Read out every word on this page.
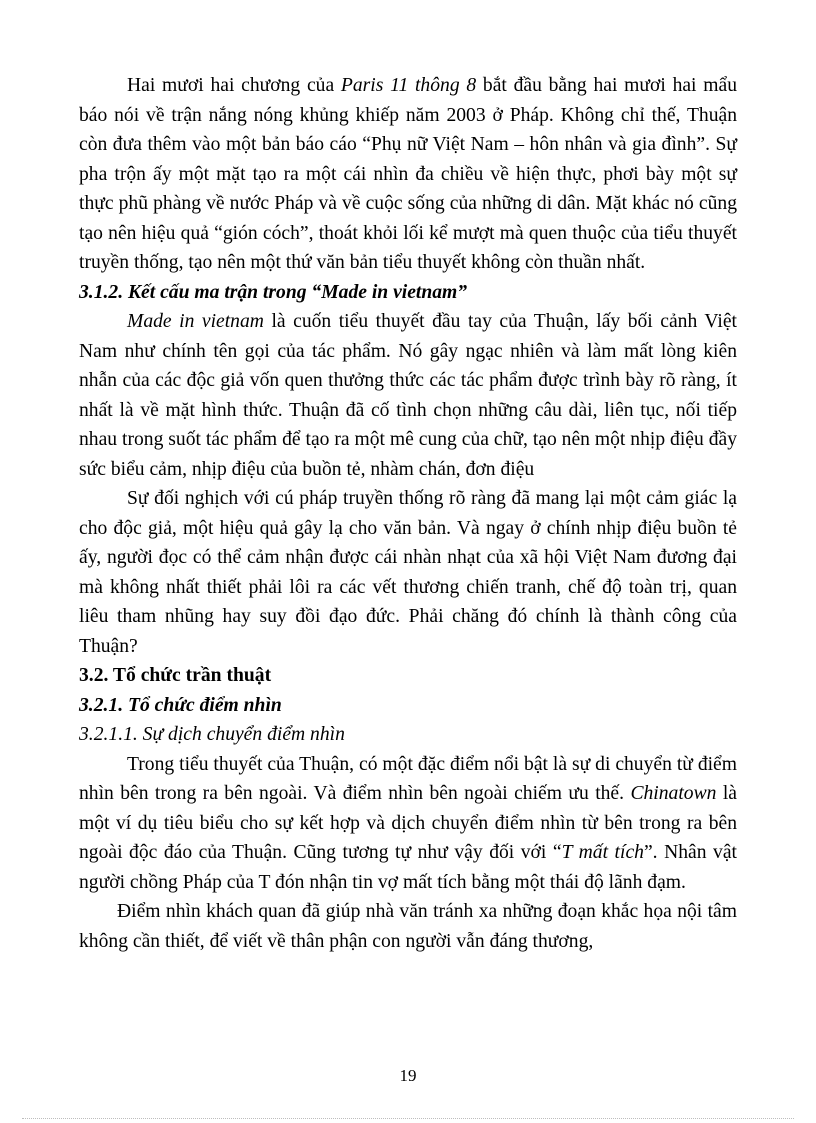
Hai mươi hai chương của Paris 11 thông 8 bắt đầu bằng hai mươi hai mẩu báo nói về trận nắng nóng khủng khiếp năm 2003 ở Pháp. Không chỉ thế, Thuận còn đưa thêm vào một bản báo cáo “Phụ nữ Việt Nam – hôn nhân và gia đình”. Sự pha trộn ấy một mặt tạo ra một cái nhìn đa chiều về hiện thực, phơi bày một sự thực phũ phàng về nước Pháp và về cuộc sống của những di dân. Mặt khác nó cũng tạo nên hiệu quả “gión cóch”, thoát khỏi lối kể mượt mà quen thuộc của tiểu thuyết truyền thống, tạo nên một thứ văn bản tiểu thuyết không còn thuần nhất.

3.1.2. Kết cấu ma trận trong “Made in vietnam”

Made in vietnam là cuốn tiểu thuyết đầu tay của Thuận, lấy bối cảnh Việt Nam như chính tên gọi của tác phẩm. Nó gây ngạc nhiên và làm mất lòng kiên nhẫn của các độc giả vốn quen thưởng thức các tác phẩm được trình bày rõ ràng, ít nhất là về mặt hình thức. Thuận đã cố tình chọn những câu dài, liên tục, nối tiếp nhau trong suốt tác phẩm để tạo ra một mê cung của chữ, tạo nên một nhịp điệu đầy sức biểu cảm, nhịp điệu của buồn tẻ, nhàm chán, đơn điệu

Sự đối nghịch với cú pháp truyền thống rõ ràng đã mang lại một cảm giác lạ cho độc giả, một hiệu quả gây lạ cho văn bản. Và ngay ở chính nhịp điệu buồn tẻ ấy, người đọc có thể cảm nhận được cái nhàn nhạt của xã hội Việt Nam đương đại mà không nhất thiết phải lôi ra các vết thương chiến tranh, chế độ toàn trị, quan liêu tham nhũng hay suy đồi đạo đức. Phải chăng đó chính là thành công của Thuận?

3.2. Tổ chức trần thuật

3.2.1. Tổ chức điểm nhìn

3.2.1.1. Sự dịch chuyển điểm nhìn

Trong tiểu thuyết của Thuận, có một đặc điểm nổi bật là sự di chuyển từ điểm nhìn bên trong ra bên ngoài. Và điểm nhìn bên ngoài chiếm ưu thế. Chinatown là một ví dụ tiêu biểu cho sự kết hợp và dịch chuyển điểm nhìn từ bên trong ra bên ngoài độc đáo của Thuận. Cũng tương tự như vậy đối với “T mất tích”. Nhân vật người chồng Pháp của T đón nhận tin vợ mất tích bằng một thái độ lãnh đạm.

Điểm nhìn khách quan đã giúp nhà văn tránh xa những đoạn khắc họa nội tâm không cần thiết, để viết về thân phận con người vẫn đáng thương,

19
